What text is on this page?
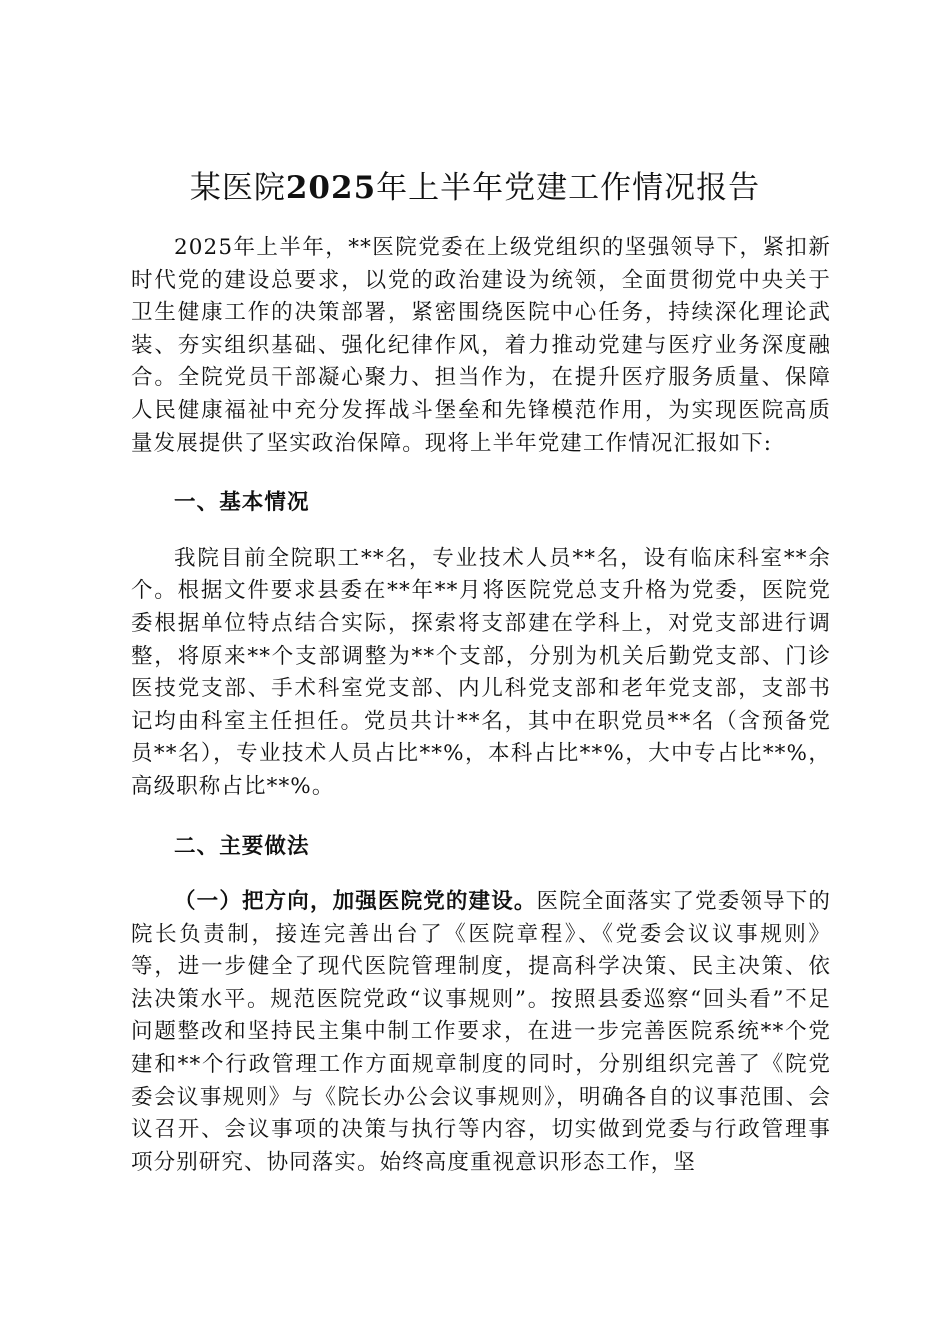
某医院2025年上半年党建工作情况报告

2025年上半年，**医院党委在上级党组织的坚强领导下，紧扣新时代党的建设总要求，以党的政治建设为统领，全面贯彻党中央关于卫生健康工作的决策部署，紧密围绕医院中心任务，持续深化理论武装、夯实组织基础、强化纪律作风，着力推动党建与医疗业务深度融合。全院党员干部凝心聚力、担当作为，在提升医疗服务质量、保障人民健康福祉中充分发挥战斗堡垒和先锋模范作用，为实现医院高质量发展提供了坚实政治保障。现将上半年党建工作情况汇报如下:

一、基本情况

我院目前全院职工**名，专业技术人员**名，设有临床科室**余个。根据文件要求县委在**年**月将医院党总支升格为党委，医院党委根据单位特点结合实际，探索将支部建在学科上，对党支部进行调整，将原来**个支部调整为**个支部，分别为机关后勤党支部、门诊医技党支部、手术科室党支部、内儿科党支部和老年党支部，支部书记均由科室主任担任。党员共计**名，其中在职党员**名（含预备党员**名），专业技术人员占比**%，本科占比**%，大中专占比**%，高级职称占比**%。

二、主要做法

（一）把方向，加强医院党的建设。医院全面落实了党委领导下的院长负责制，接连完善出台了《医院章程》、《党委会议议事规则》等，进一步健全了现代医院管理制度，提高科学决策、民主决策、依法决策水平。规范医院党政“议事规则”。按照县委巡察“回头看”不足问题整改和坚持民主集中制工作要求，在进一步完善医院系统**个党建和**个行政管理工作方面规章制度的同时，分别组织完善了《院党委会议事规则》与《院长办公会议事规则》，明确各自的议事范围、会议召开、会议事项的决策与执行等内容，切实做到党委与行政管理事项分别研究、协同落实。始终高度重视意识形态工作，坚
